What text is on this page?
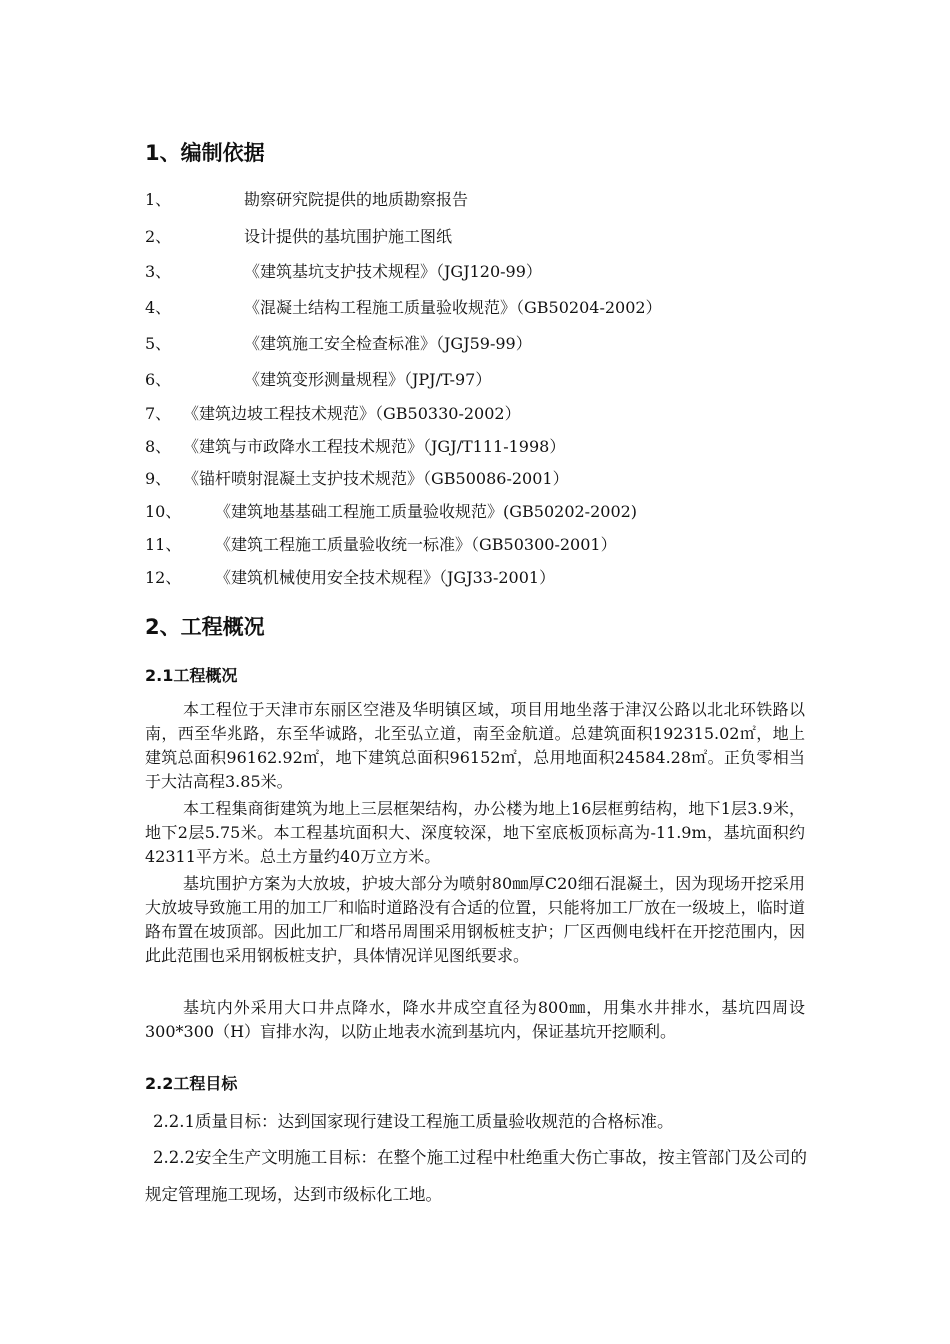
1、编制依据
1、	勘察研究院提供的地质勘察报告
2、	设计提供的基坑围护施工图纸
3、	《建筑基坑支护技术规程》（JGJ120-99）
4、	《混凝土结构工程施工质量验收规范》（GB50204-2002）
5、	《建筑施工安全检查标准》（JGJ59-99）
6、	《建筑变形测量规程》（JPJ/T-97）
7、 《建筑边坡工程技术规范》（GB50330-2002）
8、 《建筑与市政降水工程技术规范》（JGJ/T111-1998）
9、 《锚杆喷射混凝土支护技术规范》（GB50086-2001）
10、 《建筑地基基础工程施工质量验收规范》(GB50202-2002)
11、 《建筑工程施工质量验收统一标准》（GB50300-2001）
12、 《建筑机械使用安全技术规程》（JGJ33-2001）
2、工程概况
2.1工程概况
本工程位于天津市东丽区空港及华明镇区域，项目用地坐落于津汉公路以北北环铁路以南，西至华兆路，东至华诚路，北至弘立道，南至金航道。总建筑面积192315.02㎡，地上建筑总面积96162.92㎡，地下建筑总面积96152㎡，总用地面积24584.28㎡。正负零相当于大沽高程3.85米。
本工程集商街建筑为地上三层框架结构，办公楼为地上16层框剪结构，地下1层3.9米，地下2层5.75米。本工程基坑面积大、深度较深，地下室底板顶标高为-11.9m，基坑面积约42311平方米。总土方量约40万立方米。
基坑围护方案为大放坡，护坡大部分为喷射80㎜厚C20细石混凝土，因为现场开挖采用大放坡导致施工用的加工厂和临时道路没有合适的位置，只能将加工厂放在一级坡上，临时道路布置在坡顶部。因此加工厂和塔吊周围采用钢板桩支护；厂区西侧电线杆在开挖范围内，因此此范围也采用钢板桩支护，具体情况详见图纸要求。
基坑内外采用大口井点降水，降水井成空直径为800㎜，用集水井排水，基坑四周设300*300（H）盲排水沟，以防止地表水流到基坑内，保证基坑开挖顺利。
2.2工程目标
2.2.1质量目标：达到国家现行建设工程施工质量验收规范的合格标准。
2.2.2安全生产文明施工目标：在整个施工过程中杜绝重大伤亡事故，按主管部门及公司的规定管理施工现场，达到市级标化工地。
